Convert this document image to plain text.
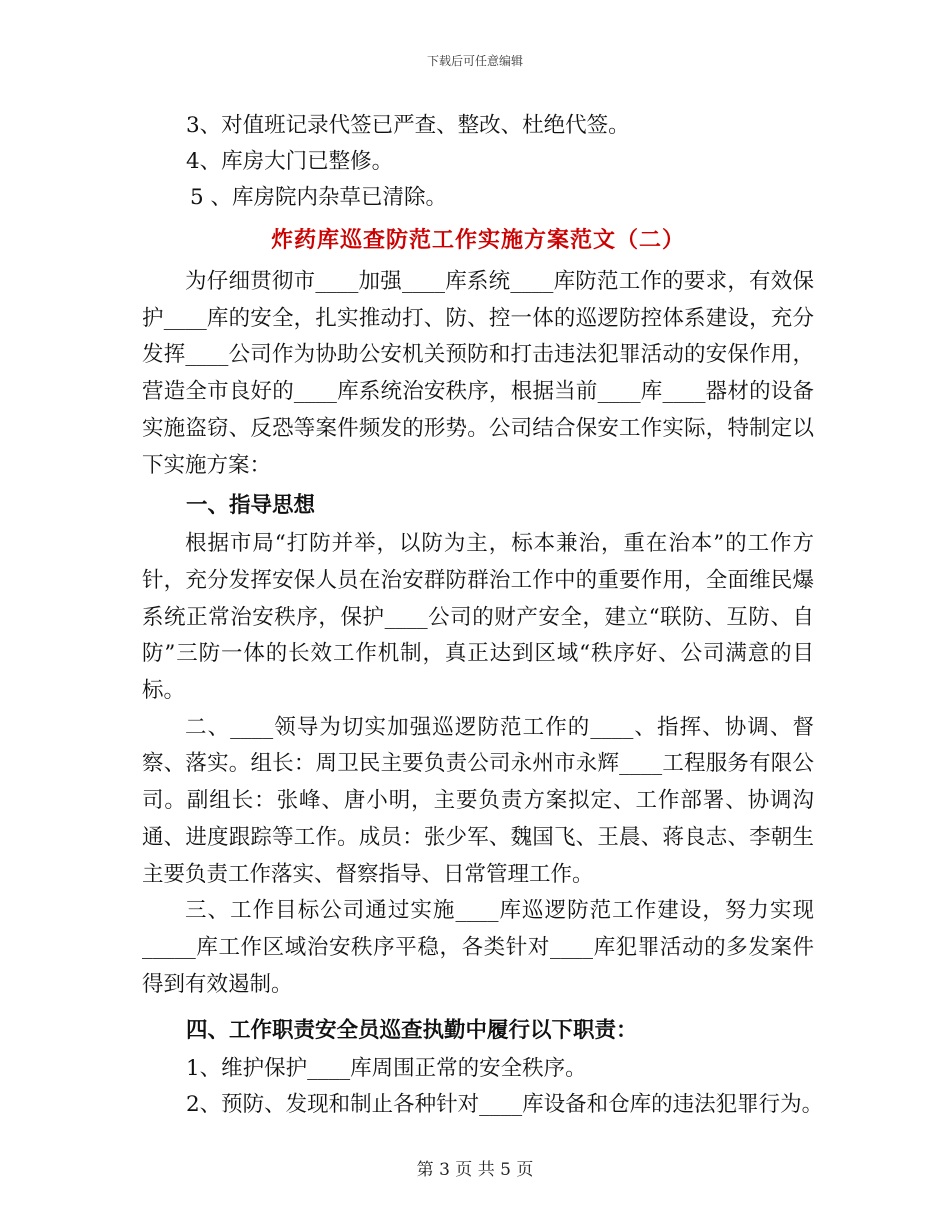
下载后可任意编辑
3、对值班记录代签已严查、整改、杜绝代签。
4、库房大门已整修。
5 、库房院内杂草已清除。
炸药库巡查防范工作实施方案范文（二）

为仔细贯彻市____加强____库系统____库防范工作的要求，有效保护____库的安全，扎实推动打、防、控一体的巡逻防控体系建设，充分发挥____公司作为协助公安机关预防和打击违法犯罪活动的安保作用，营造全市良好的____库系统治安秩序，根据当前____库____器材的设备实施盗窃、反恐等案件频发的形势。公司结合保安工作实际，特制定以下实施方案：

一、指导思想

根据市局“打防并举，以防为主，标本兼治，重在治本”的工作方针，充分发挥安保人员在治安群防群治工作中的重要作用，全面维民爆系统正常治安秩序，保护____公司的财产安全，建立“联防、互防、自防”三防一体的长效工作机制，真正达到区域“秩序好、公司满意的目标。

二、____领导为切实加强巡逻防范工作的____、指挥、协调、督察、落实。组长：周卫民主要负责公司永州市永辉____工程服务有限公司。副组长：张峰、唐小明，主要负责方案拟定、工作部署、协调沟通、进度跟踪等工作。成员：张少军、魏国飞、王晨、蒋良志、李朝生主要负责工作落实、督察指导、日常管理工作。

三、工作目标公司通过实施____库巡逻防范工作建设，努力实现_____库工作区域治安秩序平稳，各类针对____库犯罪活动的多发案件得到有效遏制。

四、工作职责安全员巡查执勤中履行以下职责：
1、维护保护____库周围正常的安全秩序。
2、预防、发现和制止各种针对____库设备和仓库的违法犯罪行为。
第 3 页 共 5 页
